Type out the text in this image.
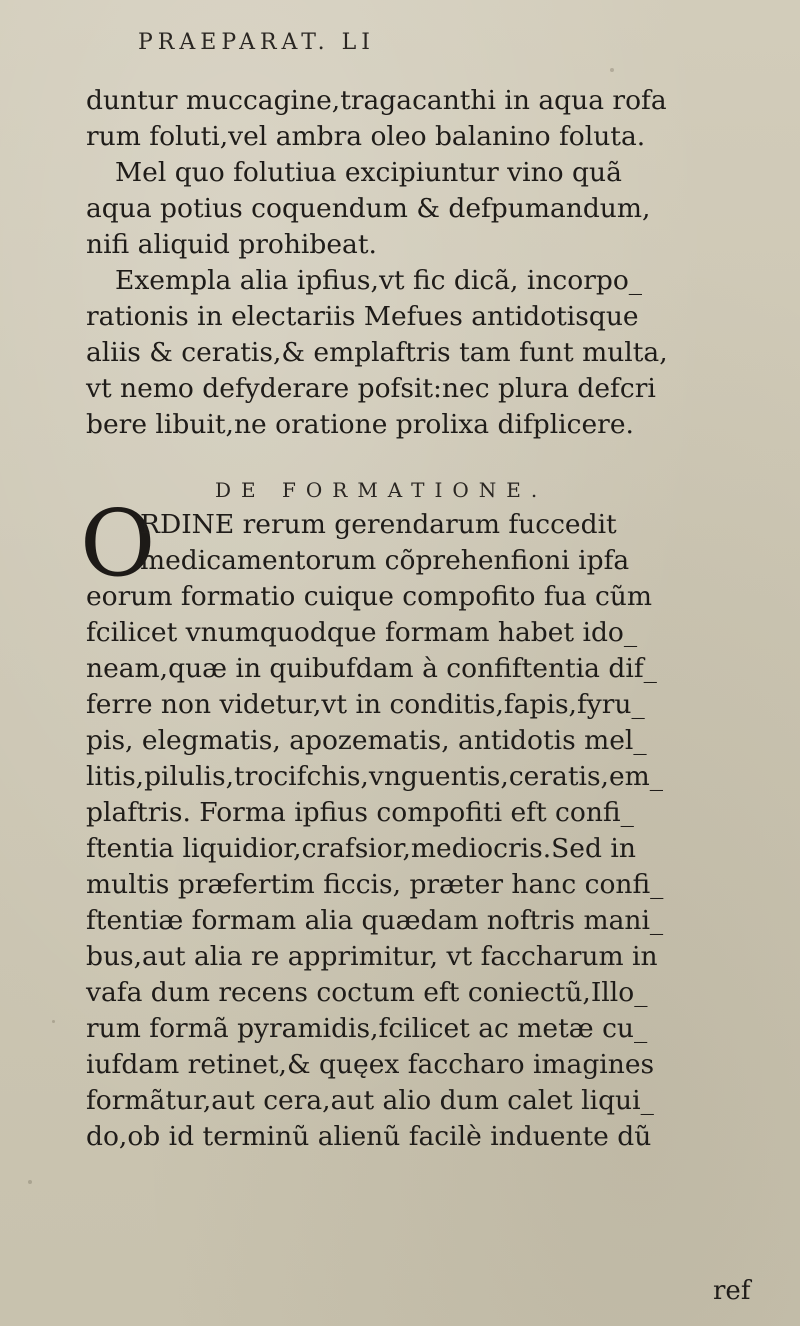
PRAEPARAT. LI
duntur muccagine,tragacanthi in aqua rofa
rum foluti,vel ambra oleo balanino foluta.
Mel quo folutiua excipiuntur vino quã
aqua potius coquendum & defpumandum,
nifi aliquid prohibeat.
Exempla alia ipfius,vt fic dicã, incorpo_
rationis in electariis Mefues antidotisque
aliis & ceratis,& emplaftris tam funt multa,
vt nemo defyderare pofsit:nec plura defcri
bere libuit,ne oratione prolixa difplicere.
DE FORMATIONE.
O
RDINE rerum gerendarum fuccedit
medicamentorum cõprehenfioni ipfa
eorum formatio cuique compofito fua cũm
fcilicet vnumquodque formam habet ido_
neam,quæ in quibufdam à confiftentia dif_
ferre non videtur,vt in conditis,fapis,fyru_
pis, elegmatis, apozematis, antidotis mel_
litis,pilulis,trocifchis,vnguentis,ceratis,em_
plaftris. Forma ipfius compofiti eft confi_
ftentia liquidior,crafsior,mediocris.Sed in
multis præfertim ficcis, præter hanc confi_
ftentiæ formam alia quædam noftris mani_
bus,aut alia re apprimitur, vt faccharum in
vafa dum recens coctum eft coniectũ,Illo_
rum formã pyramidis,fcilicet ac metæ cu_
iufdam retinet,& quęex faccharo imagines
formãtur,aut cera,aut alio dum calet liqui_
do,ob id terminũ alienũ facilè induente dũ
ref
